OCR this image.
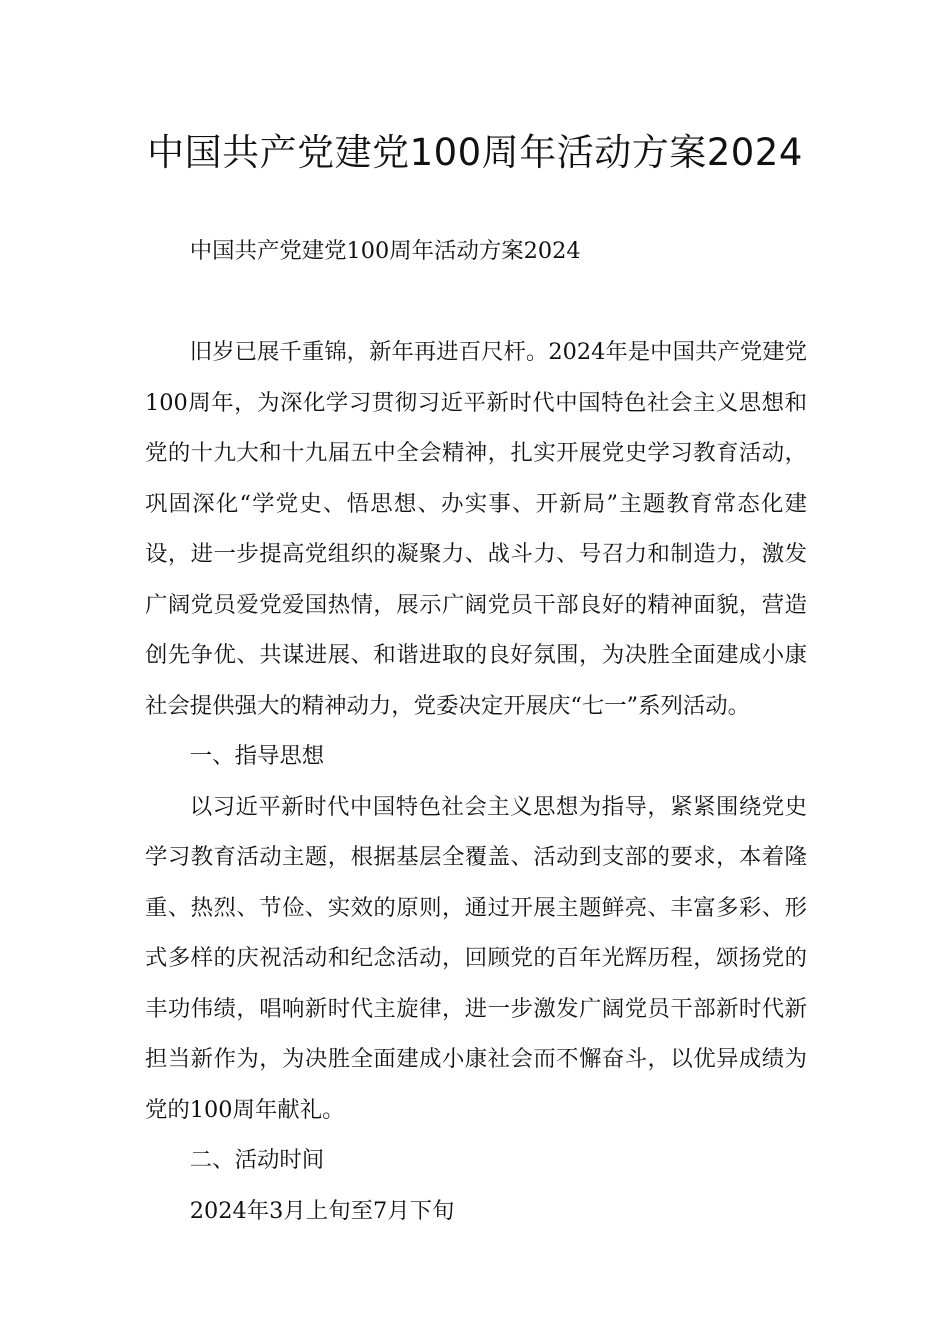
中国共产党建党100周年活动方案2024

中国共产党建党100周年活动方案2024

旧岁已展千重锦，新年再进百尺杆。2024年是中国共产党建党100周年，为深化学习贯彻习近平新时代中国特色社会主义思想和党的十九大和十九届五中全会精神，扎实开展党史学习教育活动，巩固深化“学党史、悟思想、办实事、开新局”主题教育常态化建设，进一步提高党组织的凝聚力、战斗力、号召力和制造力，激发广阔党员爱党爱国热情，展示广阔党员干部良好的精神面貌，营造创先争优、共谋进展、和谐进取的良好氛围，为决胜全面建成小康社会提供强大的精神动力，党委决定开展庆“七一”系列活动。

一、指导思想

以习近平新时代中国特色社会主义思想为指导，紧紧围绕党史学习教育活动主题，根据基层全覆盖、活动到支部的要求，本着隆重、热烈、节俭、实效的原则，通过开展主题鲜亮、丰富多彩、形式多样的庆祝活动和纪念活动，回顾党的百年光辉历程，颂扬党的丰功伟绩，唱响新时代主旋律，进一步激发广阔党员干部新时代新担当新作为，为决胜全面建成小康社会而不懈奋斗，以优异成绩为党的100周年献礼。

二、活动时间

2024年3月上旬至7月下旬
